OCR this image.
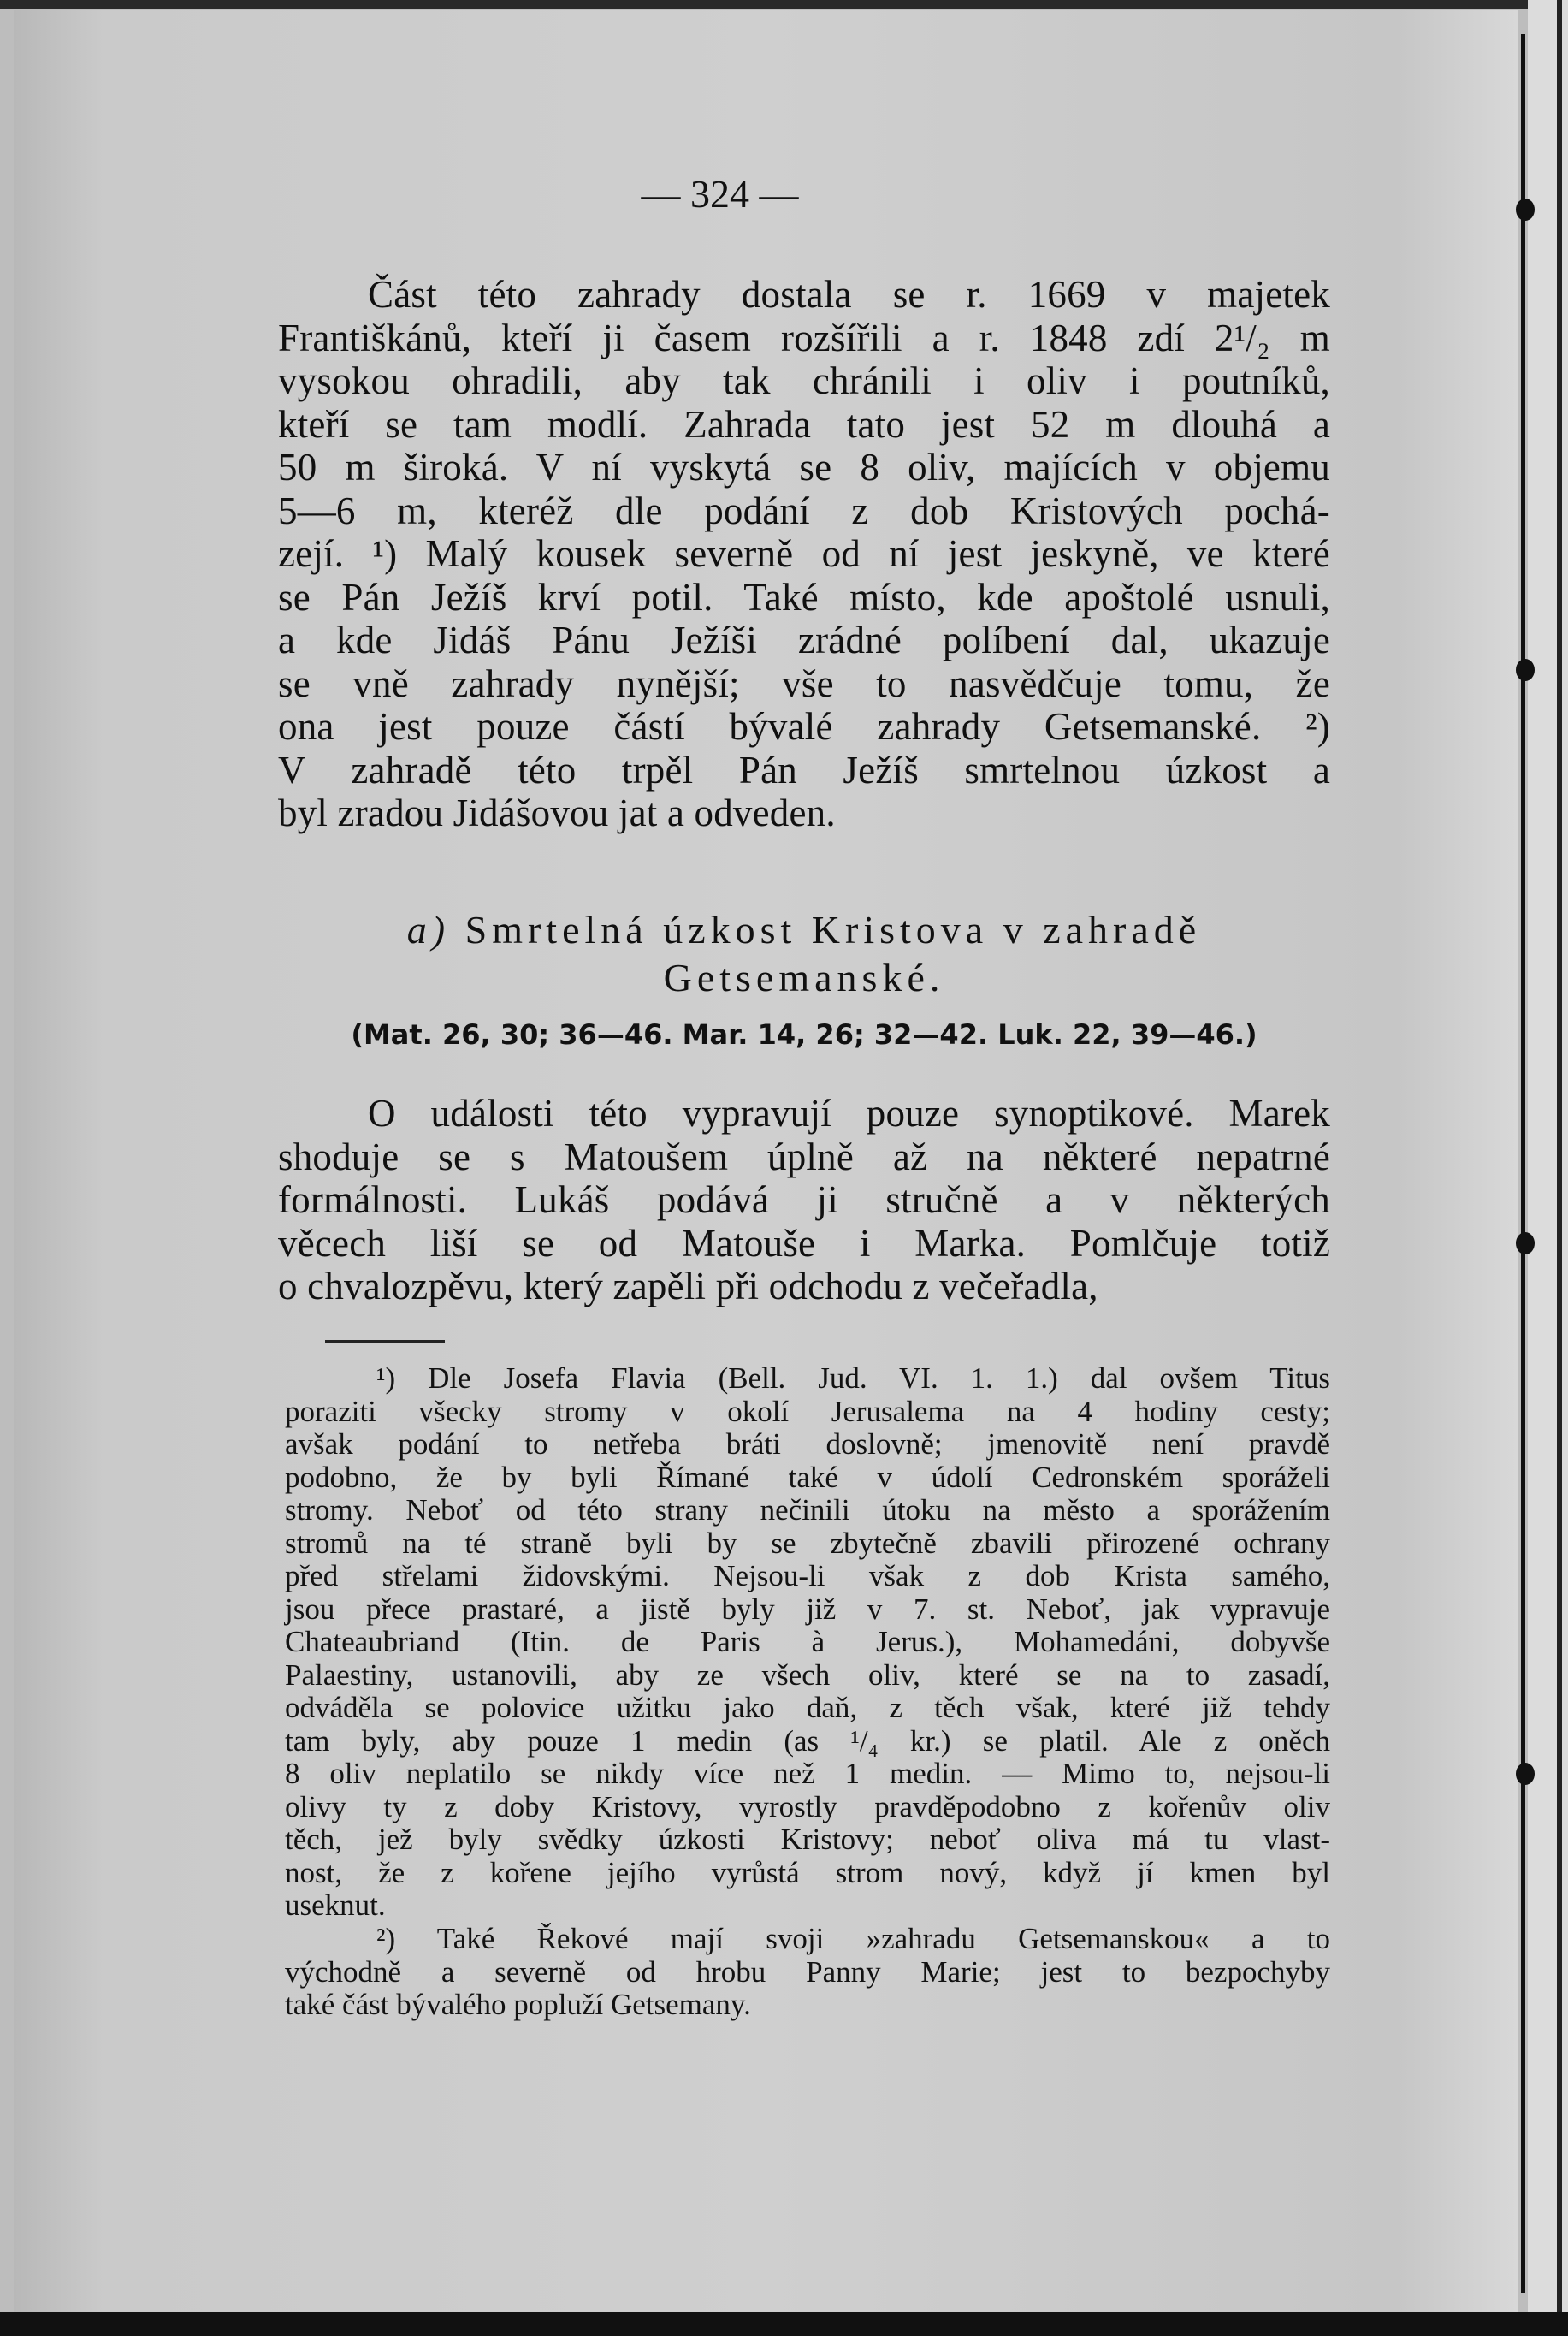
— 324 —
Část této zahrady dostala se r. 1669 v majetek
Františkánů, kteří ji časem rozšířili a r. 1848 zdí 2¹/₂ m
vysokou ohradili, aby tak chránili i oliv i poutníků,
kteří se tam modlí. Zahrada tato jest 52 m dlouhá a
50 m široká. V ní vyskytá se 8 oliv, majících v objemu
5—6 m, kteréž dle podání z dob Kristových pochá-
zejí. ¹) Malý kousek severně od ní jest jeskyně, ve které
se Pán Ježíš krví potil. Také místo, kde apoštolé usnuli,
a kde Jidáš Pánu Ježíši zrádné políbení dal, ukazuje
se vně zahrady nynější; vše to nasvědčuje tomu, že
ona jest pouze částí bývalé zahrady Getsemanské. ²)
V zahradě této trpěl Pán Ježíš smrtelnou úzkost a
byl zradou Jidášovou jat a odveden.
a) Smrtelná úzkost Kristova v zahradě
Getsemanské.
(Mat. 26, 30; 36—46. Mar. 14, 26; 32—42. Luk. 22, 39—46.)
O události této vypravují pouze synoptikové. Marek
shoduje se s Matoušem úplně až na některé nepatrné
formálnosti. Lukáš podává ji stručně a v některých
věcech liší se od Matouše i Marka. Pomlčuje totiž
o chvalozpěvu, který zapěli při odchodu z večeřadla,
¹) Dle Josefa Flavia (Bell. Jud. VI. 1. 1.) dal ovšem Titus
poraziti všecky stromy v okolí Jerusalema na 4 hodiny cesty;
avšak podání to netřeba bráti doslovně; jmenovitě není pravdě
podobno, že by byli Římané také v údolí Cedronském sporáželi
stromy. Neboť od této strany nečinili útoku na město a sporážením
stromů na té straně byli by se zbytečně zbavili přirozené ochrany
před střelami židovskými. Nejsou-li však z dob Krista samého,
jsou přece prastaré, a jistě byly již v 7. st. Neboť, jak vypravuje
Chateaubriand (Itin. de Paris à Jerus.), Mohamedáni, dobyvše
Palaestiny, ustanovili, aby ze všech oliv, které se na to zasadí,
odváděla se polovice užitku jako daň, z těch však, které již tehdy
tam byly, aby pouze 1 medin (as ¹/₄ kr.) se platil. Ale z oněch
8 oliv neplatilo se nikdy více než 1 medin. — Mimo to, nejsou-li
olivy ty z doby Kristovy, vyrostly pravděpodobno z kořenův oliv
těch, jež byly svědky úzkosti Kristovy; neboť oliva má tu vlast-
nost, že z kořene jejího vyrůstá strom nový, když jí kmen byl
useknut.
²) Také Řekové mají svoji »zahradu Getsemanskou« a to
východně a severně od hrobu Panny Marie; jest to bezpochyby
také část bývalého popluží Getsemany.
